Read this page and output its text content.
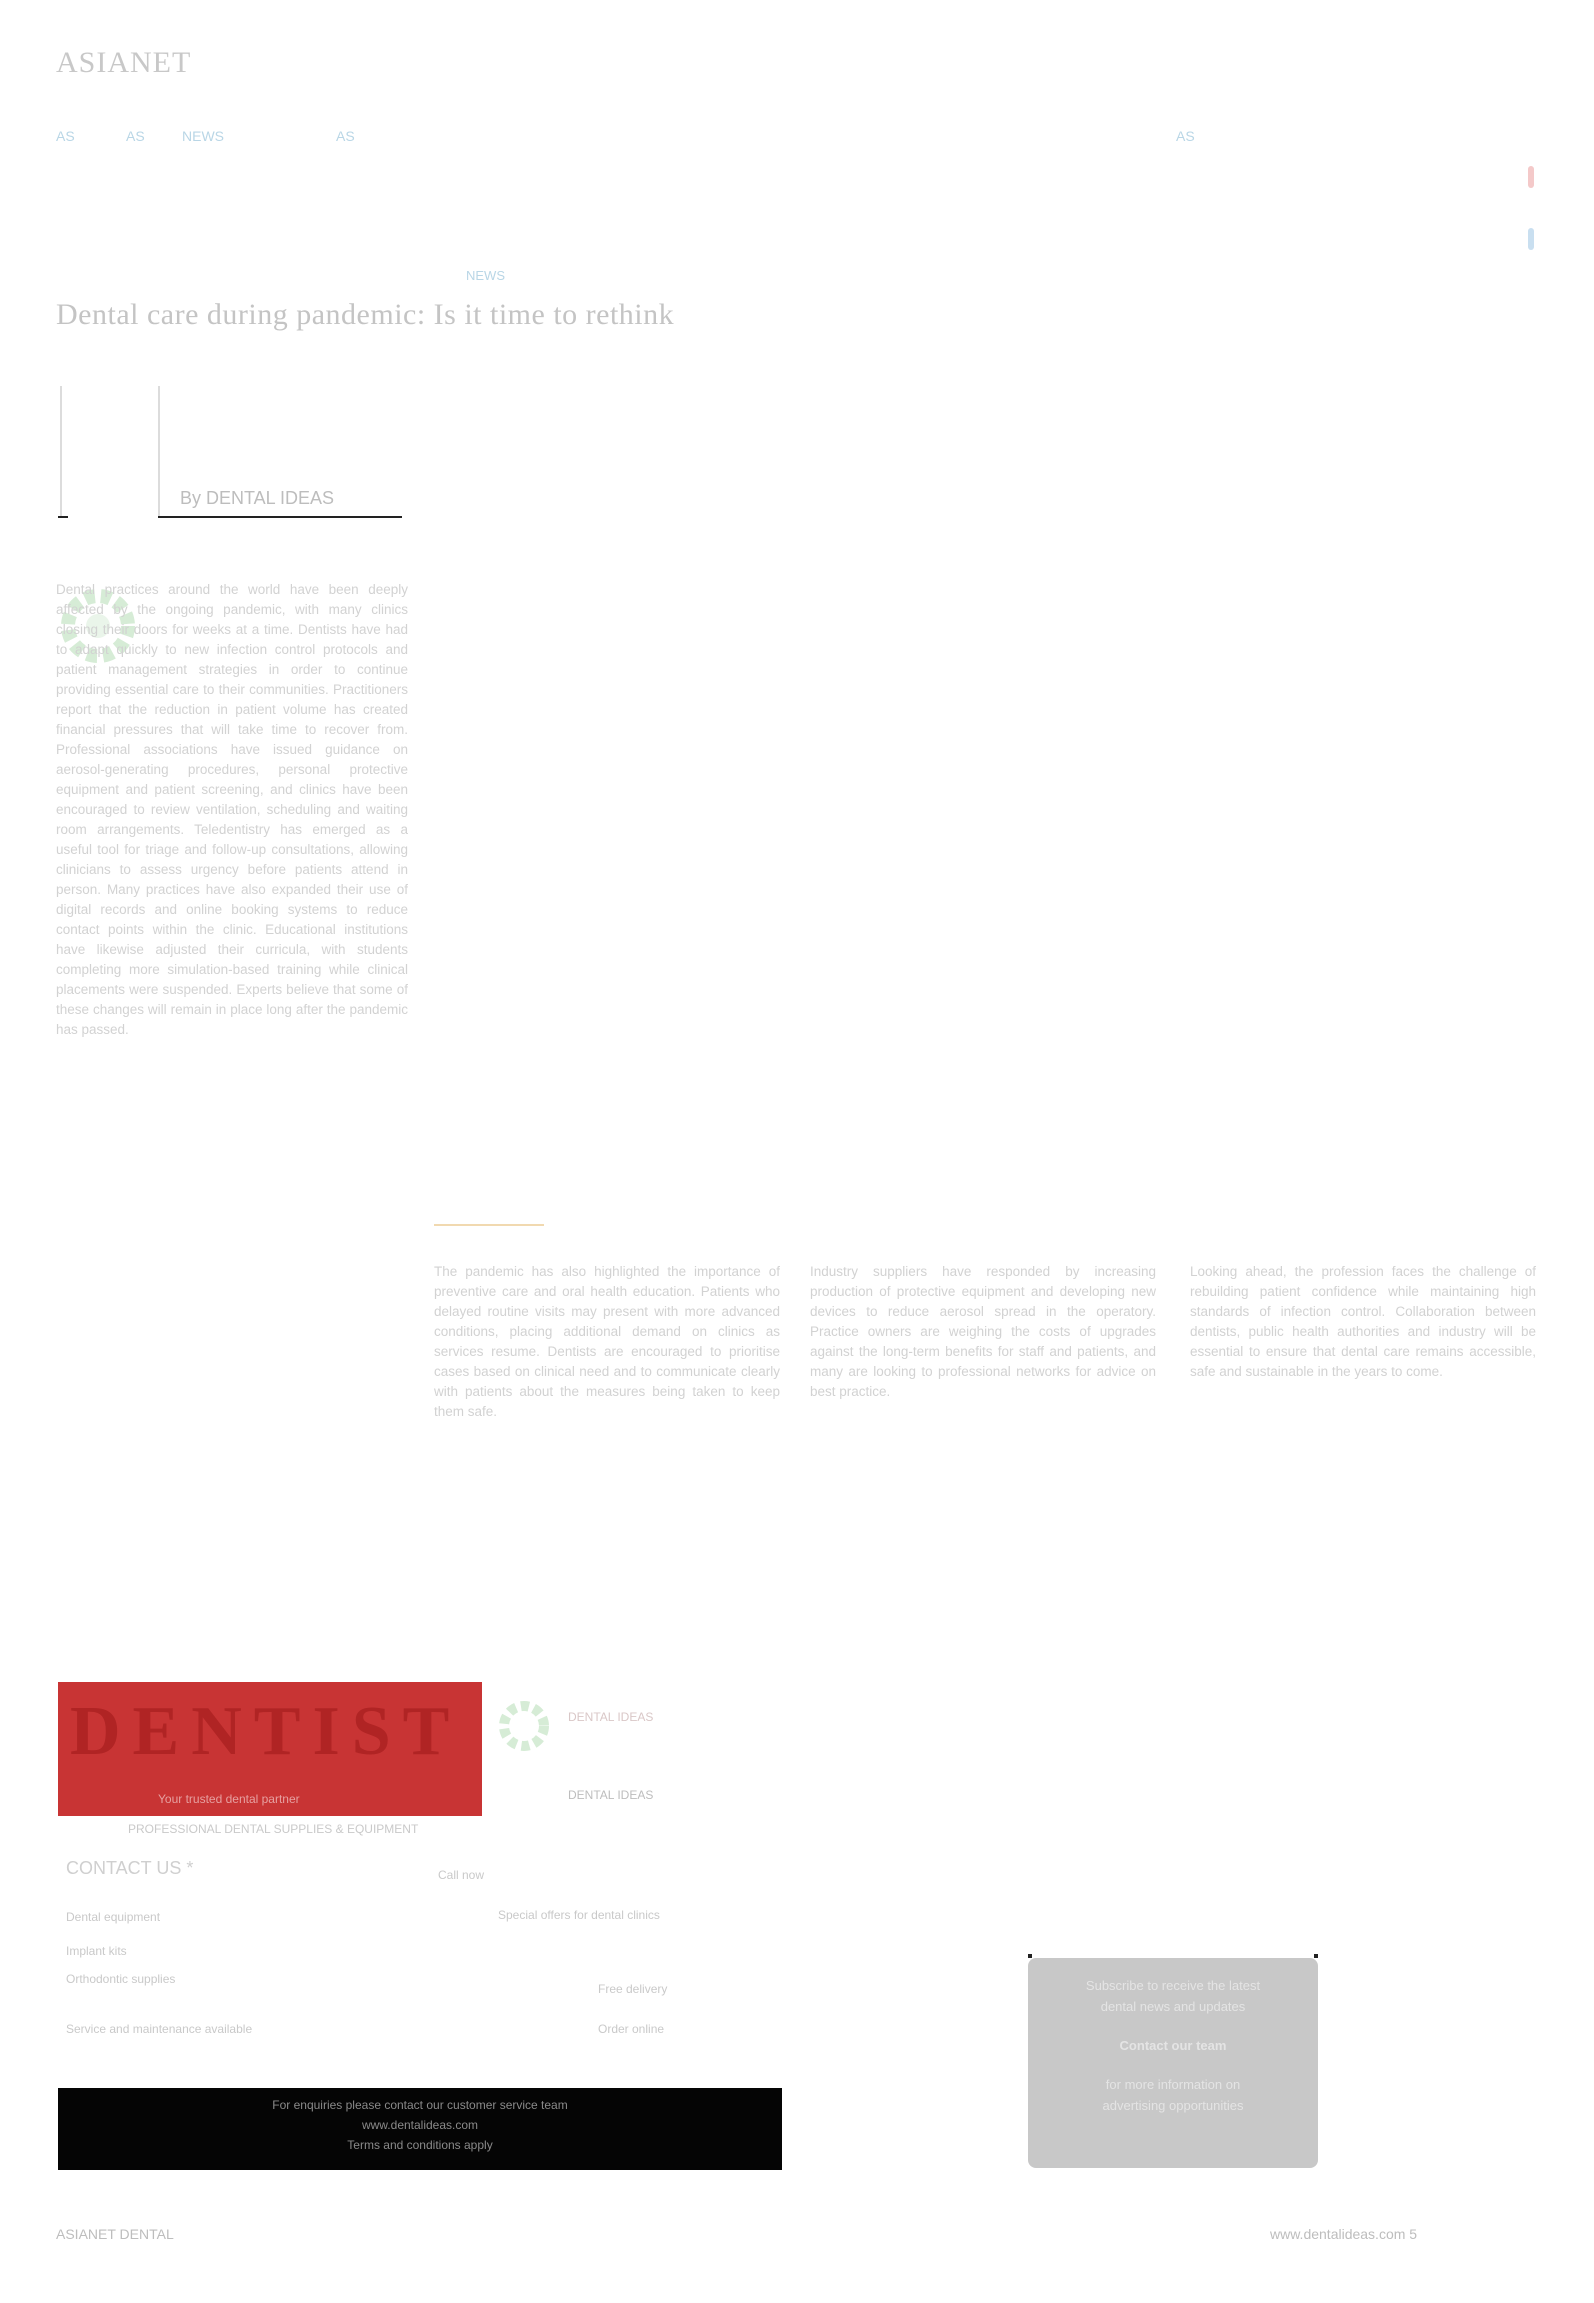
ASIANET
AS	AS	NEWS	AS	AS
NEWS
Dental care during pandemic: Is it time to rethink
By DENTAL IDEAS
Dental practices around the world have been deeply affected by the ongoing pandemic, with many clinics closing their doors for weeks at a time. Dentists have had to adapt quickly to new infection control protocols and patient management strategies in order to continue providing essential care to their communities. Practitioners report that the reduction in patient volume has created financial pressures that will take time to recover from. Professional associations have issued guidance on aerosol-generating procedures, personal protective equipment and patient screening, and clinics have been encouraged to review ventilation, scheduling and waiting room arrangements. Teledentistry has emerged as a useful tool for triage and follow-up consultations, allowing clinicians to assess urgency before patients attend in person. Many practices have also expanded their use of digital records and online booking systems to reduce contact points within the clinic. Educational institutions have likewise adjusted their curricula, with students completing more simulation-based training while clinical placements were suspended. Experts believe that some of these changes will remain in place long after the pandemic has passed.
The pandemic has also highlighted the importance of preventive care and oral health education. Patients who delayed routine visits may present with more advanced conditions, placing additional demand on clinics as services resume. Dentists are encouraged to prioritise cases based on clinical need and to communicate clearly with patients about the measures being taken to keep them safe.
Industry suppliers have responded by increasing production of protective equipment and developing new devices to reduce aerosol spread in the operatory. Practice owners are weighing the costs of upgrades against the long-term benefits for staff and patients, and many are looking to professional networks for advice on best practice.
Looking ahead, the profession faces the challenge of rebuilding patient confidence while maintaining high standards of infection control. Collaboration between dentists, public health authorities and industry will be essential to ensure that dental care remains accessible, safe and sustainable in the years to come.
DENTIST
Your trusted dental partner
DENTAL IDEAS
DENTAL IDEAS
PROFESSIONAL DENTAL SUPPLIES & EQUIPMENT
CONTACT US *
Dental equipment
Implant kits
Orthodontic supplies
Service and maintenance available
Call now
Special offers for dental clinics
Free delivery
Order online
For enquiries please contact our customer service team
www.dentalideas.com
Terms and conditions apply
Subscribe to receive the latest
dental news and updates
Contact our team
for more information on
advertising opportunities
ASIANET DENTAL	www.dentalideas.com 5
